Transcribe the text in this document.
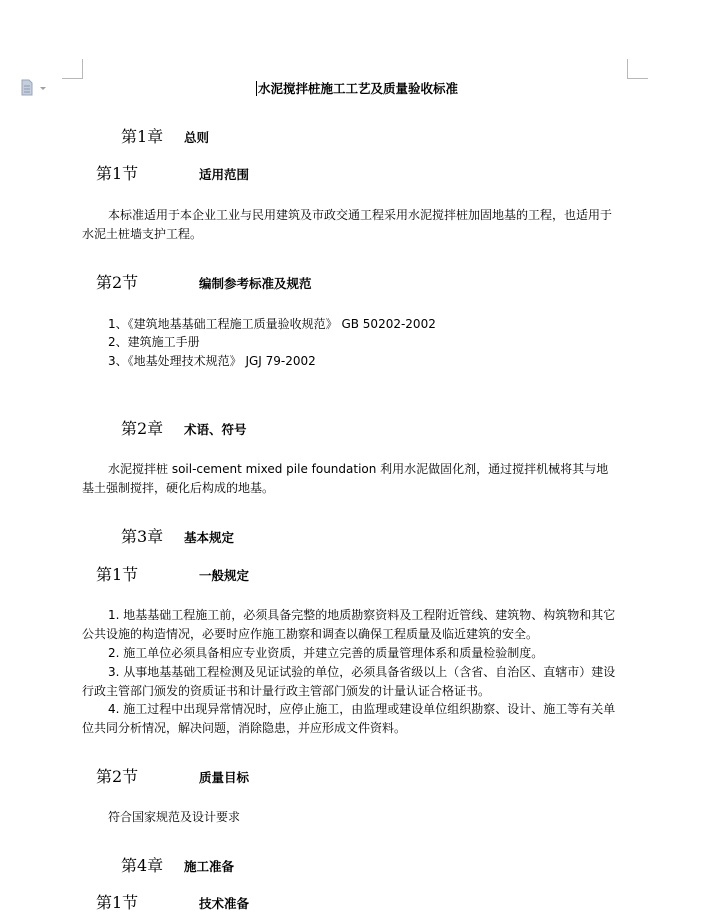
水泥搅拌桩施工工艺及质量验收标准
第1章 总则
第1节	适用范围
本标准适用于本企业工业与民用建筑及市政交通工程采用水泥搅拌桩加固地基的工程，也适用于水泥土桩墙支护工程。
第2节	编制参考标准及规范
1、《建筑地基基础工程施工质量验收规范》 GB 50202-2002
2、建筑施工手册
3、《地基处理技术规范》 JGJ 79-2002
第2章 术语、符号
水泥搅拌桩 soil-cement mixed pile foundation 利用水泥做固化剂，通过搅拌机械将其与地基土强制搅拌，硬化后构成的地基。
第3章 基本规定
第1节	一般规定
1. 地基基础工程施工前，必须具备完整的地质勘察资料及工程附近管线、建筑物、构筑物和其它公共设施的构造情况，必要时应作施工勘察和调查以确保工程质量及临近建筑的安全。
2. 施工单位必须具备相应专业资质，并建立完善的质量管理体系和质量检验制度。
3. 从事地基基础工程检测及见证试验的单位，必须具备省级以上（含省、自治区、直辖市）建设行政主管部门颁发的资质证书和计量行政主管部门颁发的计量认证合格证书。
4. 施工过程中出现异常情况时，应停止施工，由监理或建设单位组织勘察、设计、施工等有关单位共同分析情况，解决问题，消除隐患，并应形成文件资料。
第2节	质量目标
符合国家规范及设计要求
第4章 施工准备
第1节	技术准备
